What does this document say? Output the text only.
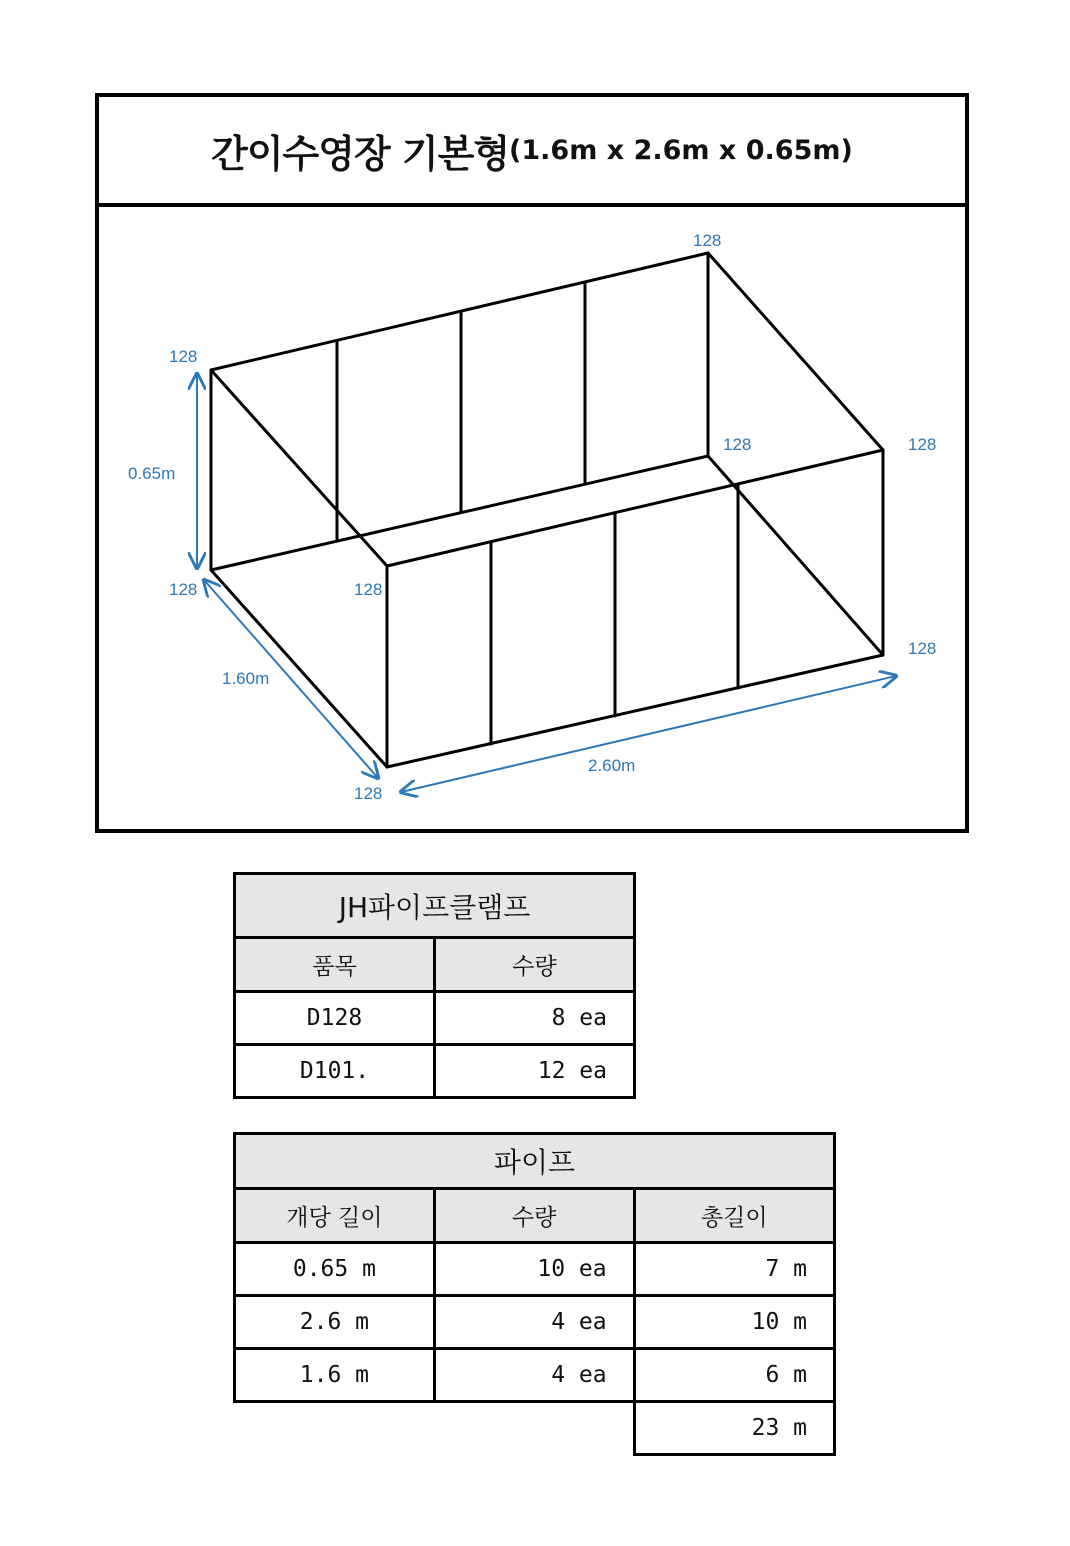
간이수영장 기본형 (1.6m x 2.6m x 0.65m)
128
128
128	128
128	128
128
128
0.65m
1.60m
2.60m
JH파이프클램프	
품목	수량
D128	8 ea
D101.	12 ea
파이프		
개당 길이	수량	총길이
0.65 m	10 ea	7 m
2.6 m	4 ea	10 m
1.6 m	4 ea	6 m
		23 m
